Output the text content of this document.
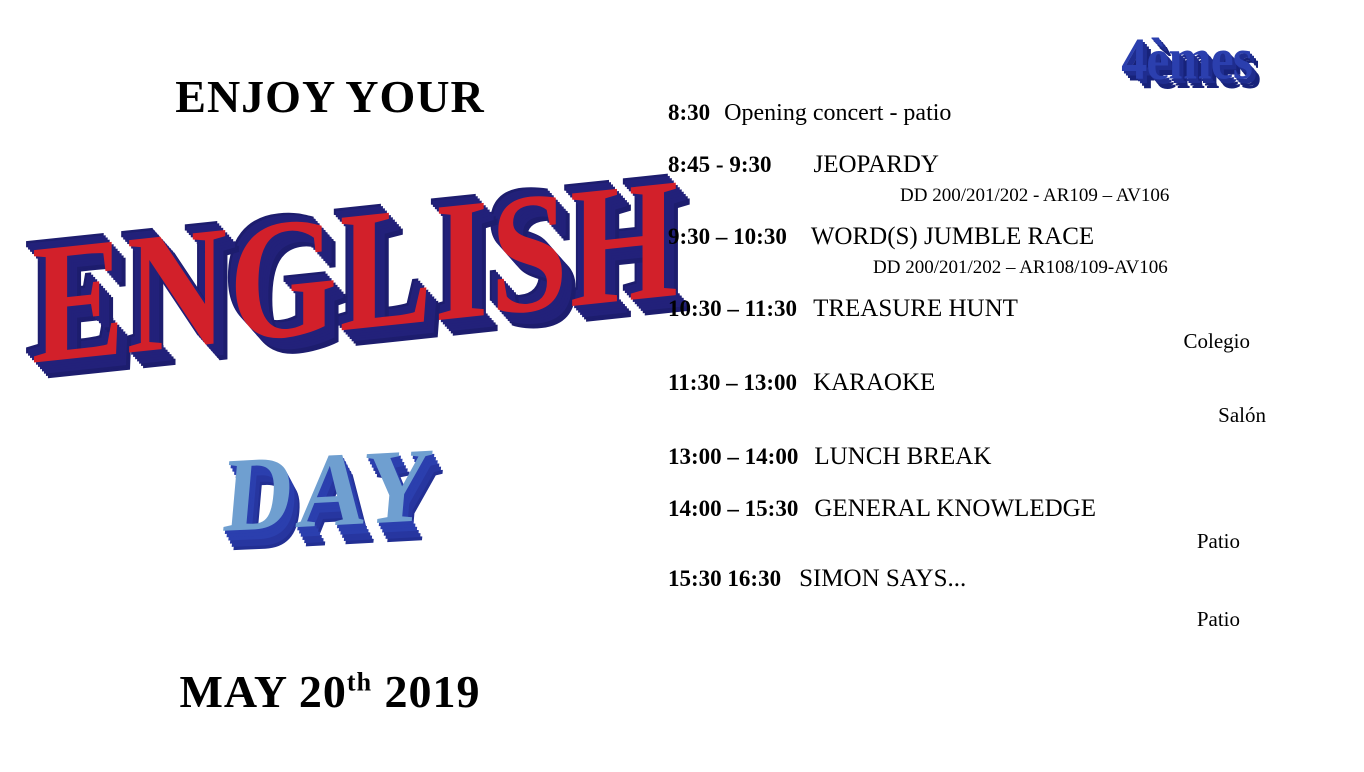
ENJOY YOUR
ENGLISH
DAY
MAY 20th 2019
4èmes
8:30 Opening concert - patio
8:45 - 9:30 JEOPARDY
DD 200/201/202 - AR109 – AV106
9:30 – 10:30 WORD(S) JUMBLE RACE
DD 200/201/202 – AR108/109-AV106
10:30 – 11:30 TREASURE HUNT
Colegio
11:30 – 13:00 KARAOKE
Salón
13:00 – 14:00 LUNCH BREAK
14:00 – 15:30 GENERAL KNOWLEDGE
Patio
15:30 16:30 SIMON SAYS...
Patio
